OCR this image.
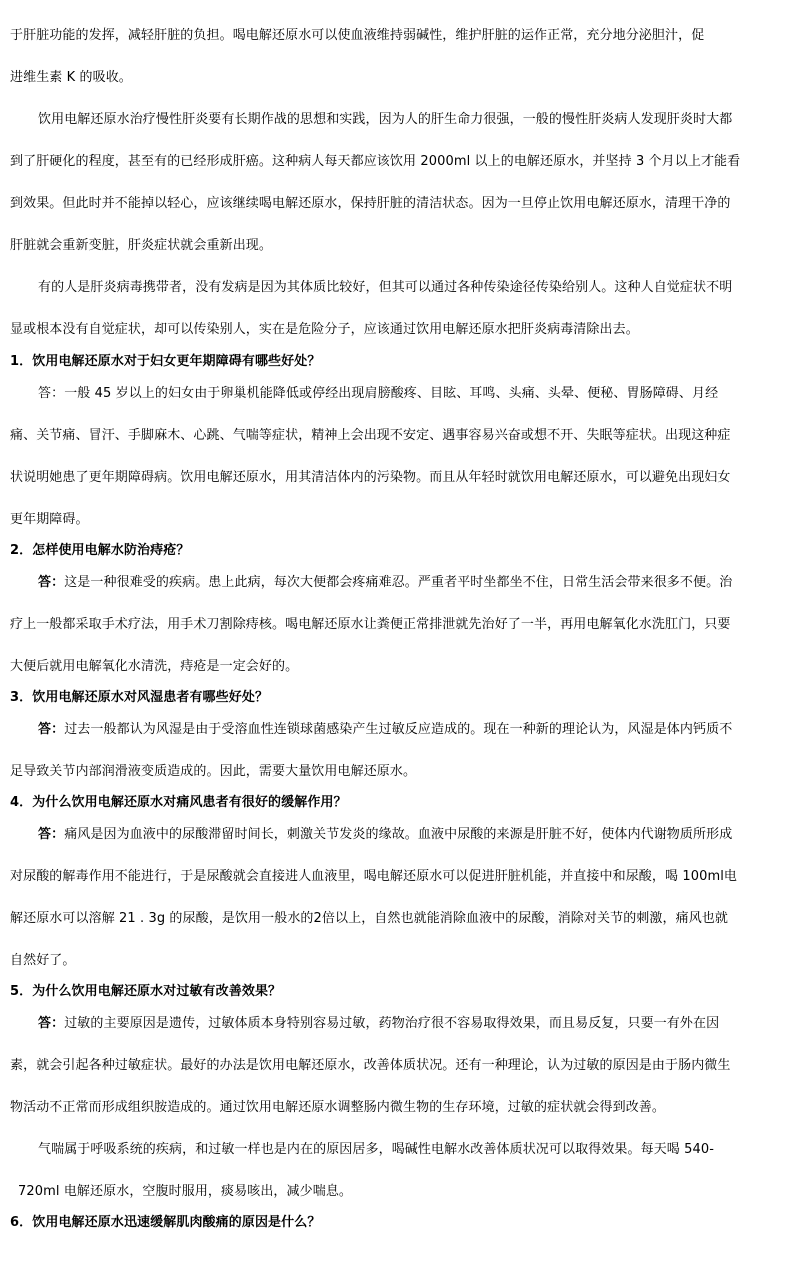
于肝脏功能的发挥，减轻肝脏的负担。喝电解还原水可以使血液维持弱碱性，维护肝脏的运作正常，充分地分泌胆汁，促
进维生素 K 的吸收。
饮用电解还原水治疗慢性肝炎要有长期作战的思想和实践，因为人的肝生命力很强，一般的慢性肝炎病人发现肝炎时大都
到了肝硬化的程度，甚至有的已经形成肝癌。这种病人每天都应该饮用 2000ml 以上的电解还原水，并坚持 3 个月以上才能看
到效果。但此时并不能掉以轻心，应该继续喝电解还原水，保持肝脏的清洁状态。因为一旦停止饮用电解还原水，清理干净的
肝脏就会重新变脏，肝炎症状就会重新出现。
有的人是肝炎病毒携带者，没有发病是因为其体质比较好，但其可以通过各种传染途径传染给别人。这种人自觉症状不明
显或根本没有自觉症状，却可以传染别人，实在是危险分子，应该通过饮用电解还原水把肝炎病毒清除出去。
1．饮用电解还原水对于妇女更年期障碍有哪些好处？
答：一般 45 岁以上的妇女由于卵巢机能降低或停经出现肩膀酸疼、目眩、耳鸣、头痛、头晕、便秘、胃肠障碍、月经
痛、关节痛、冒汗、手脚麻木、心跳、气喘等症状，精神上会出现不安定、遇事容易兴奋或想不开、失眠等症状。出现这种症
状说明她患了更年期障碍病。饮用电解还原水，用其清洁体内的污染物。而且从年轻时就饮用电解还原水，可以避免出现妇女
更年期障碍。
2．怎样使用电解水防治痔疮？
答：这是一种很难受的疾病。患上此病，每次大便都会疼痛难忍。严重者平时坐都坐不住，日常生活会带来很多不便。治
疗上一般都采取手术疗法，用手术刀割除痔核。喝电解还原水让粪便正常排泄就先治好了一半，再用电解氧化水洗肛门，只要
大便后就用电解氧化水清洗，痔疮是一定会好的。
3．饮用电解还原水对风湿患者有哪些好处？
答：过去一般都认为风湿是由于受溶血性连锁球菌感染产生过敏反应造成的。现在一种新的理论认为，风湿是体内钙质不
足导致关节内部润滑液变质造成的。因此，需要大量饮用电解还原水。
4．为什么饮用电解还原水对痛风患者有很好的缓解作用？
答：痛风是因为血液中的尿酸滞留时间长，刺激关节发炎的缘故。血液中尿酸的来源是肝脏不好，使体内代谢物质所形成
对尿酸的解毒作用不能进行，于是尿酸就会直接进人血液里，喝电解还原水可以促进肝脏机能，并直接中和尿酸，喝 100ml电
解还原水可以溶解 21 . 3g 的尿酸，是饮用一般水的2倍以上，自然也就能消除血液中的尿酸，消除对关节的刺激，痛风也就
自然好了。
5．为什么饮用电解还原水对过敏有改善效果？
答：过敏的主要原因是遗传，过敏体质本身特别容易过敏，药物治疗很不容易取得效果，而且易反复，只要一有外在因
素，就会引起各种过敏症状。最好的办法是饮用电解还原水，改善体质状况。还有一种理论，认为过敏的原因是由于肠内微生
物活动不正常而形成组织胺造成的。通过饮用电解还原水调整肠内微生物的生存环境，过敏的症状就会得到改善。
气喘属于呼吸系统的疾病，和过敏一样也是内在的原因居多，喝碱性电解水改善体质状况可以取得效果。每天喝 540-
720ml 电解还原水，空腹时服用，痰易咳出，减少喘息。
6．饮用电解还原水迅速缓解肌肉酸痛的原因是什么？
